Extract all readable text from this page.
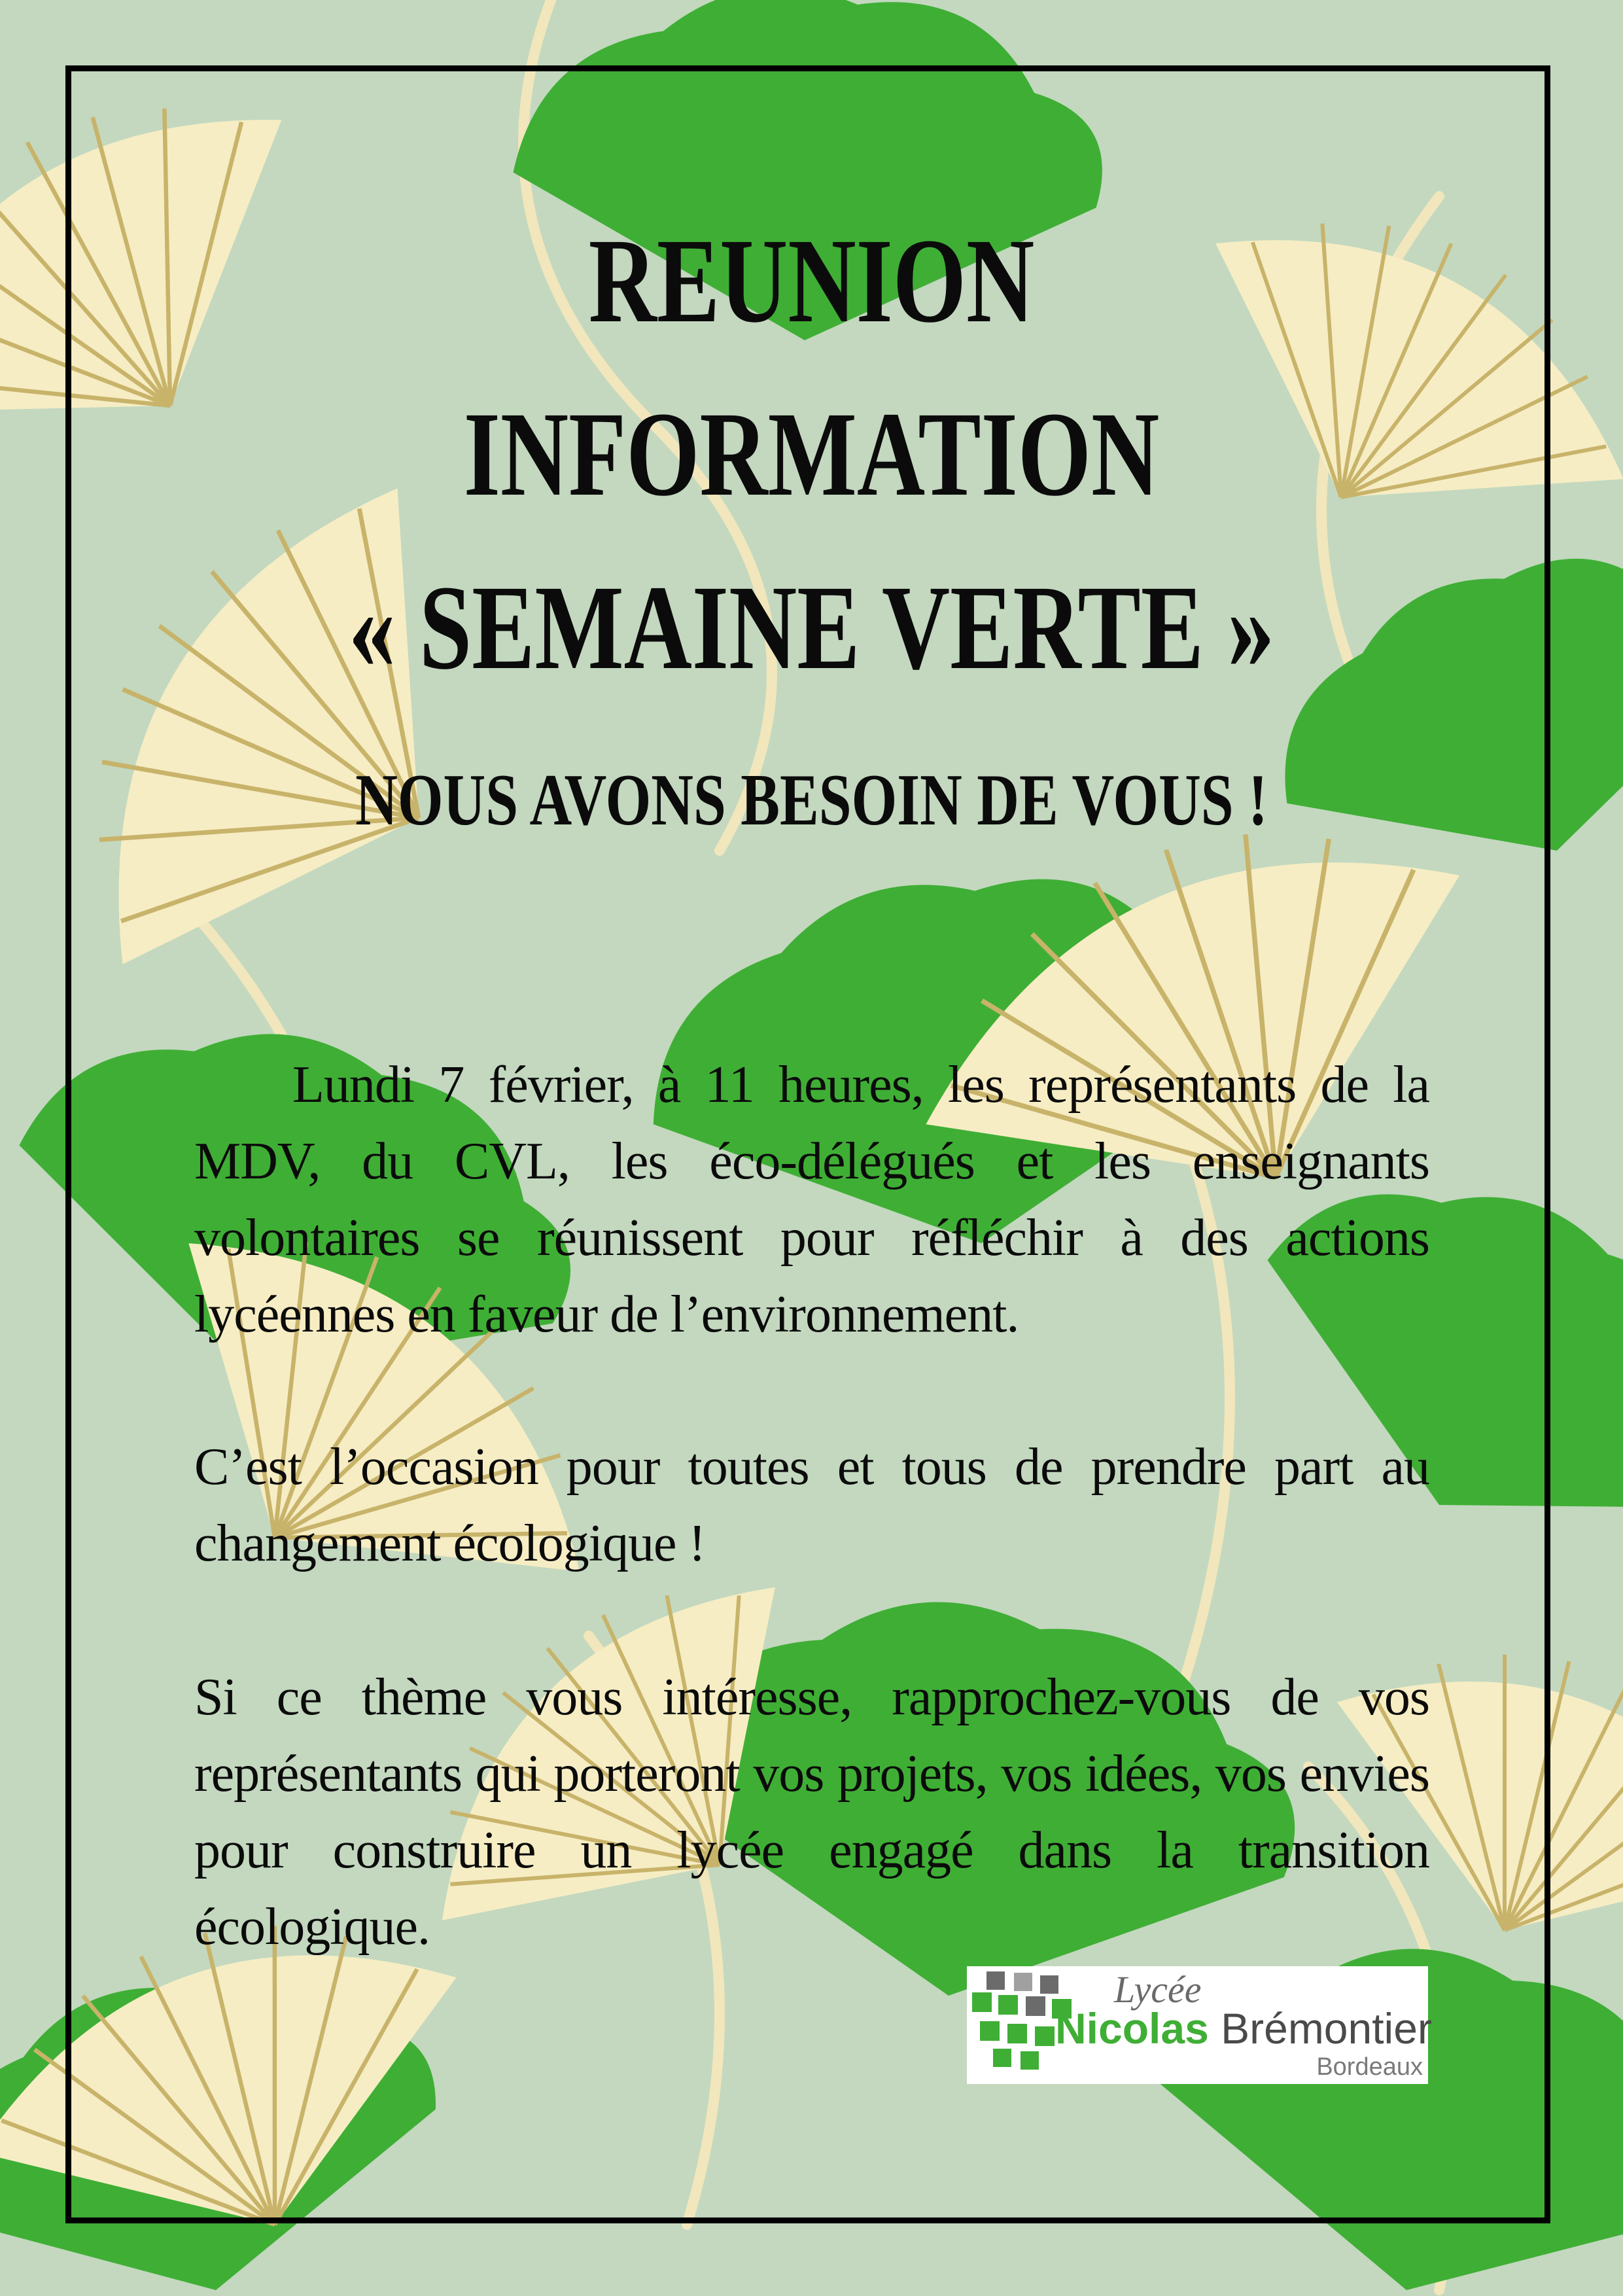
REUNION
INFORMATION
« SEMAINE VERTE »
NOUS AVONS BESOIN DE VOUS !

Lundi 7 février, à 11 heures, les représentants de la MDV, du CVL, les éco-délégués et les enseignants volontaires se réunissent pour réfléchir à des actions lycéennes en faveur de l’environnement.

C’est l’occasion pour toutes et tous de prendre part au changement écologique !

Si ce thème vous intéresse, rapprochez-vous de vos représentants qui porteront vos projets, vos idées, vos envies pour construire un lycée engagé dans la transition écologique.

Lycée
Nicolas Brémontier
Bordeaux
